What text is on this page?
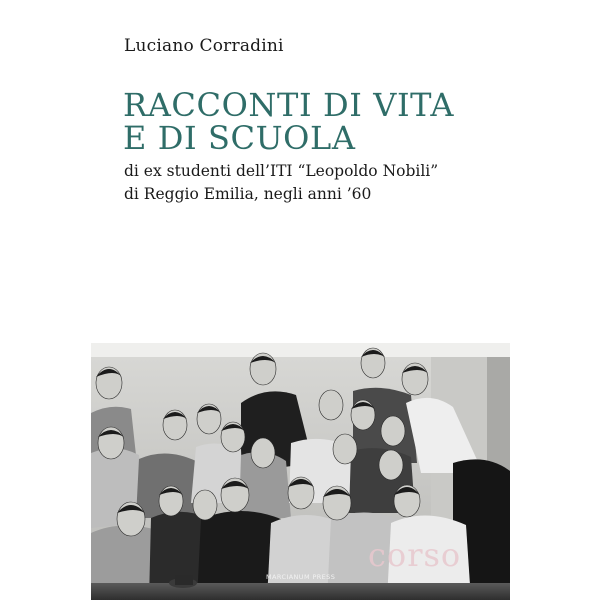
Luciano Corradini
RACCONTI DI VITA
E DI SCUOLA
di ex studenti dell’ITI “Leopoldo Nobili”
di Reggio Emilia, negli anni ’60
corso
MARCIANUM PRESS
